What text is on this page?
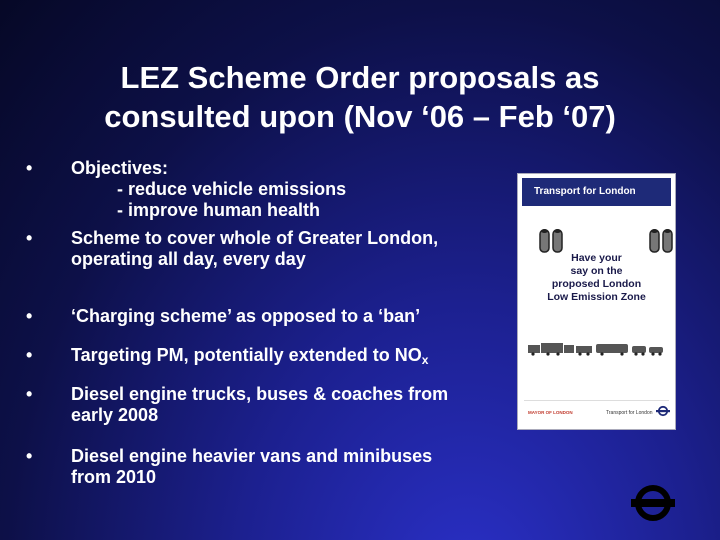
LEZ Scheme Order proposals as
consulted upon (Nov ‘06 – Feb ‘07)
•	Objectives:
- reduce vehicle emissions
- improve human health
•	Scheme to cover whole of Greater London,
operating all day, every day
•	‘Charging scheme’ as opposed to a ‘ban’
•	Targeting PM, potentially extended to $NO_x$
•	Diesel engine trucks, buses & coaches from
early 2008
•	Diesel engine heavier vans and minibuses
from 2010
Transport for London
Have your
say on the
proposed London
Low Emission Zone
MAYOR OF LONDON	Transport for London
